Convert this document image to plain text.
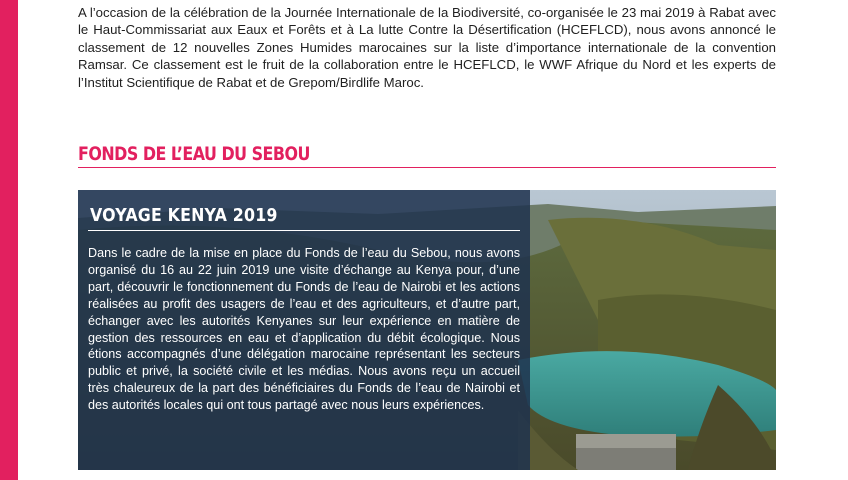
A l’occasion de la célébration de la Journée Internationale de la Biodiversité, co-organisée le 23 mai 2019 à Rabat avec le Haut-Commissariat aux Eaux et Forêts et à La lutte Contre la Désertification (HCEFLCD), nous avons annoncé le classement de 12 nouvelles Zones Humides marocaines sur la liste d’importance internationale de la convention Ramsar. Ce classement est le fruit de la collaboration entre le HCEFLCD, le WWF Afrique du Nord et les experts de l’Institut Scientifique de Rabat et de Grepom/Birdlife Maroc.

FONDS DE L’EAU DU SEBOU
VOYAGE KENYA 2019

Dans le cadre de la mise en place du Fonds de l’eau du Sebou, nous avons organisé du 16 au 22 juin 2019 une visite d’échange au Kenya pour, d’une part, découvrir le fonctionnement du Fonds de l’eau de Nairobi et les actions réalisées au profit des usagers de l’eau et des agriculteurs, et d’autre part, échanger avec les autorités Kenyanes sur leur expérience en matière de gestion des ressources en eau et d’application du débit écologique. Nous étions accompagnés d’une délégation marocaine représentant les secteurs public et privé, la société civile et les médias. Nous avons reçu un accueil très chaleureux de la part des bénéficiaires du Fonds de l’eau de Nairobi et des autorités locales qui ont tous partagé avec nous leurs expériences.
